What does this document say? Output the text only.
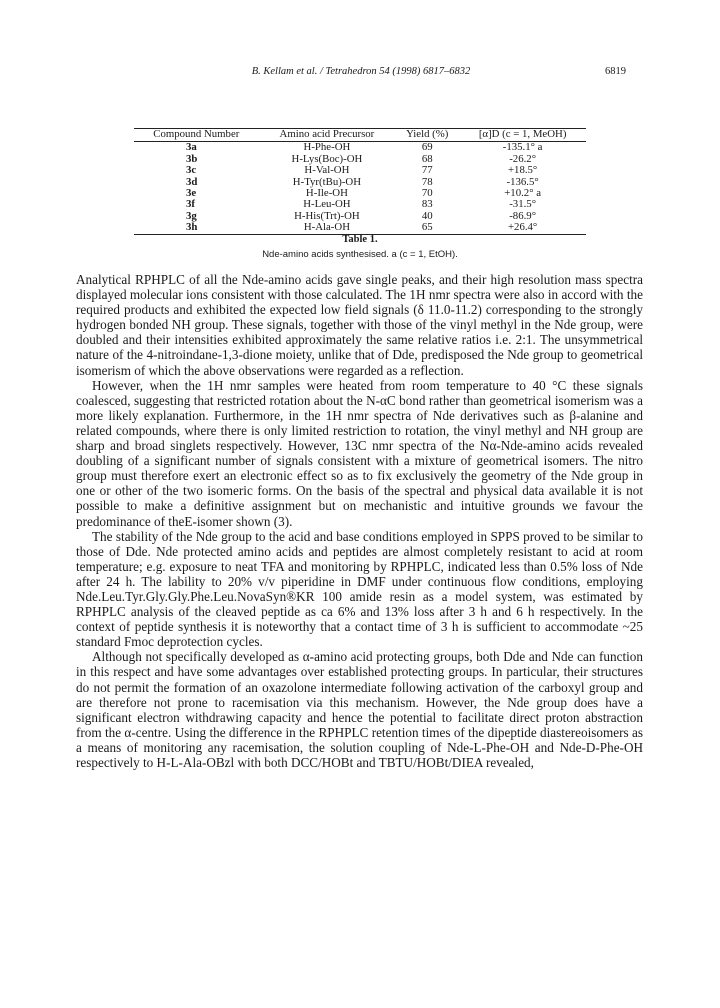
B. Kellam et al. / Tetrahedron 54 (1998) 6817–6832	6819
Compound Number	Amino acid Precursor	Yield (%)	[α]D (c = 1, MeOH)
3a	H-Phe-OH	69	-135.1° a
3b	H-Lys(Boc)-OH	68	-26.2°
3c	H-Val-OH	77	+18.5°
3d	H-Tyr(tBu)-OH	78	-136.5°
3e	H-Ile-OH	70	+10.2° a
3f	H-Leu-OH	83	-31.5°
3g	H-His(Trt)-OH	40	-86.9°
3h	H-Ala-OH	65	+26.4°
Table 1.
Nde-amino acids synthesised. a (c = 1, EtOH).

Analytical RPHPLC of all the Nde-amino acids gave single peaks, and their high resolution mass spectra displayed molecular ions consistent with those calculated. The 1H nmr spectra were also in accord with the required products and exhibited the expected low field signals (δ 11.0-11.2) corresponding to the strongly hydrogen bonded NH group. These signals, together with those of the vinyl methyl in the Nde group, were doubled and their intensities exhibited approximately the same relative ratios i.e. 2:1. The unsymmetrical nature of the 4-nitroindane-1,3-dione moiety, unlike that of Dde, predisposed the Nde group to geometrical isomerism of which the above observations were regarded as a reflection.

However, when the 1H nmr samples were heated from room temperature to 40 °C these signals coalesced, suggesting that restricted rotation about the N-αC bond rather than geometrical isomerism was a more likely explanation. Furthermore, in the 1H nmr spectra of Nde derivatives such as β-alanine and related compounds, where there is only limited restriction to rotation, the vinyl methyl and NH group are sharp and broad singlets respectively. However, 13C nmr spectra of the Nα-Nde-amino acids revealed doubling of a significant number of signals consistent with a mixture of geometrical isomers. The nitro group must therefore exert an electronic effect so as to fix exclusively the geometry of the Nde group in one or other of the two isomeric forms. On the basis of the spectral and physical data available it is not possible to make a definitive assignment but on mechanistic and intuitive grounds we favour the predominance of theE-isomer shown (3).

The stability of the Nde group to the acid and base conditions employed in SPPS proved to be similar to those of Dde. Nde protected amino acids and peptides are almost completely resistant to acid at room temperature; e.g. exposure to neat TFA and monitoring by RPHPLC, indicated less than 0.5% loss of Nde after 24 h. The lability to 20% v/v piperidine in DMF under continuous flow conditions, employing Nde.Leu.Tyr.Gly.Gly.Phe.Leu.NovaSyn®KR 100 amide resin as a model system, was estimated by RPHPLC analysis of the cleaved peptide as ca 6% and 13% loss after 3 h and 6 h respectively. In the context of peptide synthesis it is noteworthy that a contact time of 3 h is sufficient to accommodate ~25 standard Fmoc deprotection cycles.

Although not specifically developed as α-amino acid protecting groups, both Dde and Nde can function in this respect and have some advantages over established protecting groups. In particular, their structures do not permit the formation of an oxazolone intermediate following activation of the carboxyl group and are therefore not prone to racemisation via this mechanism. However, the Nde group does have a significant electron withdrawing capacity and hence the potential to facilitate direct proton abstraction from the α-centre. Using the difference in the RPHPLC retention times of the dipeptide diastereoisomers as a means of monitoring any racemisation, the solution coupling of Nde-L-Phe-OH and Nde-D-Phe-OH respectively to H-L-Ala-OBzl with both DCC/HOBt and TBTU/HOBt/DIEA revealed,
